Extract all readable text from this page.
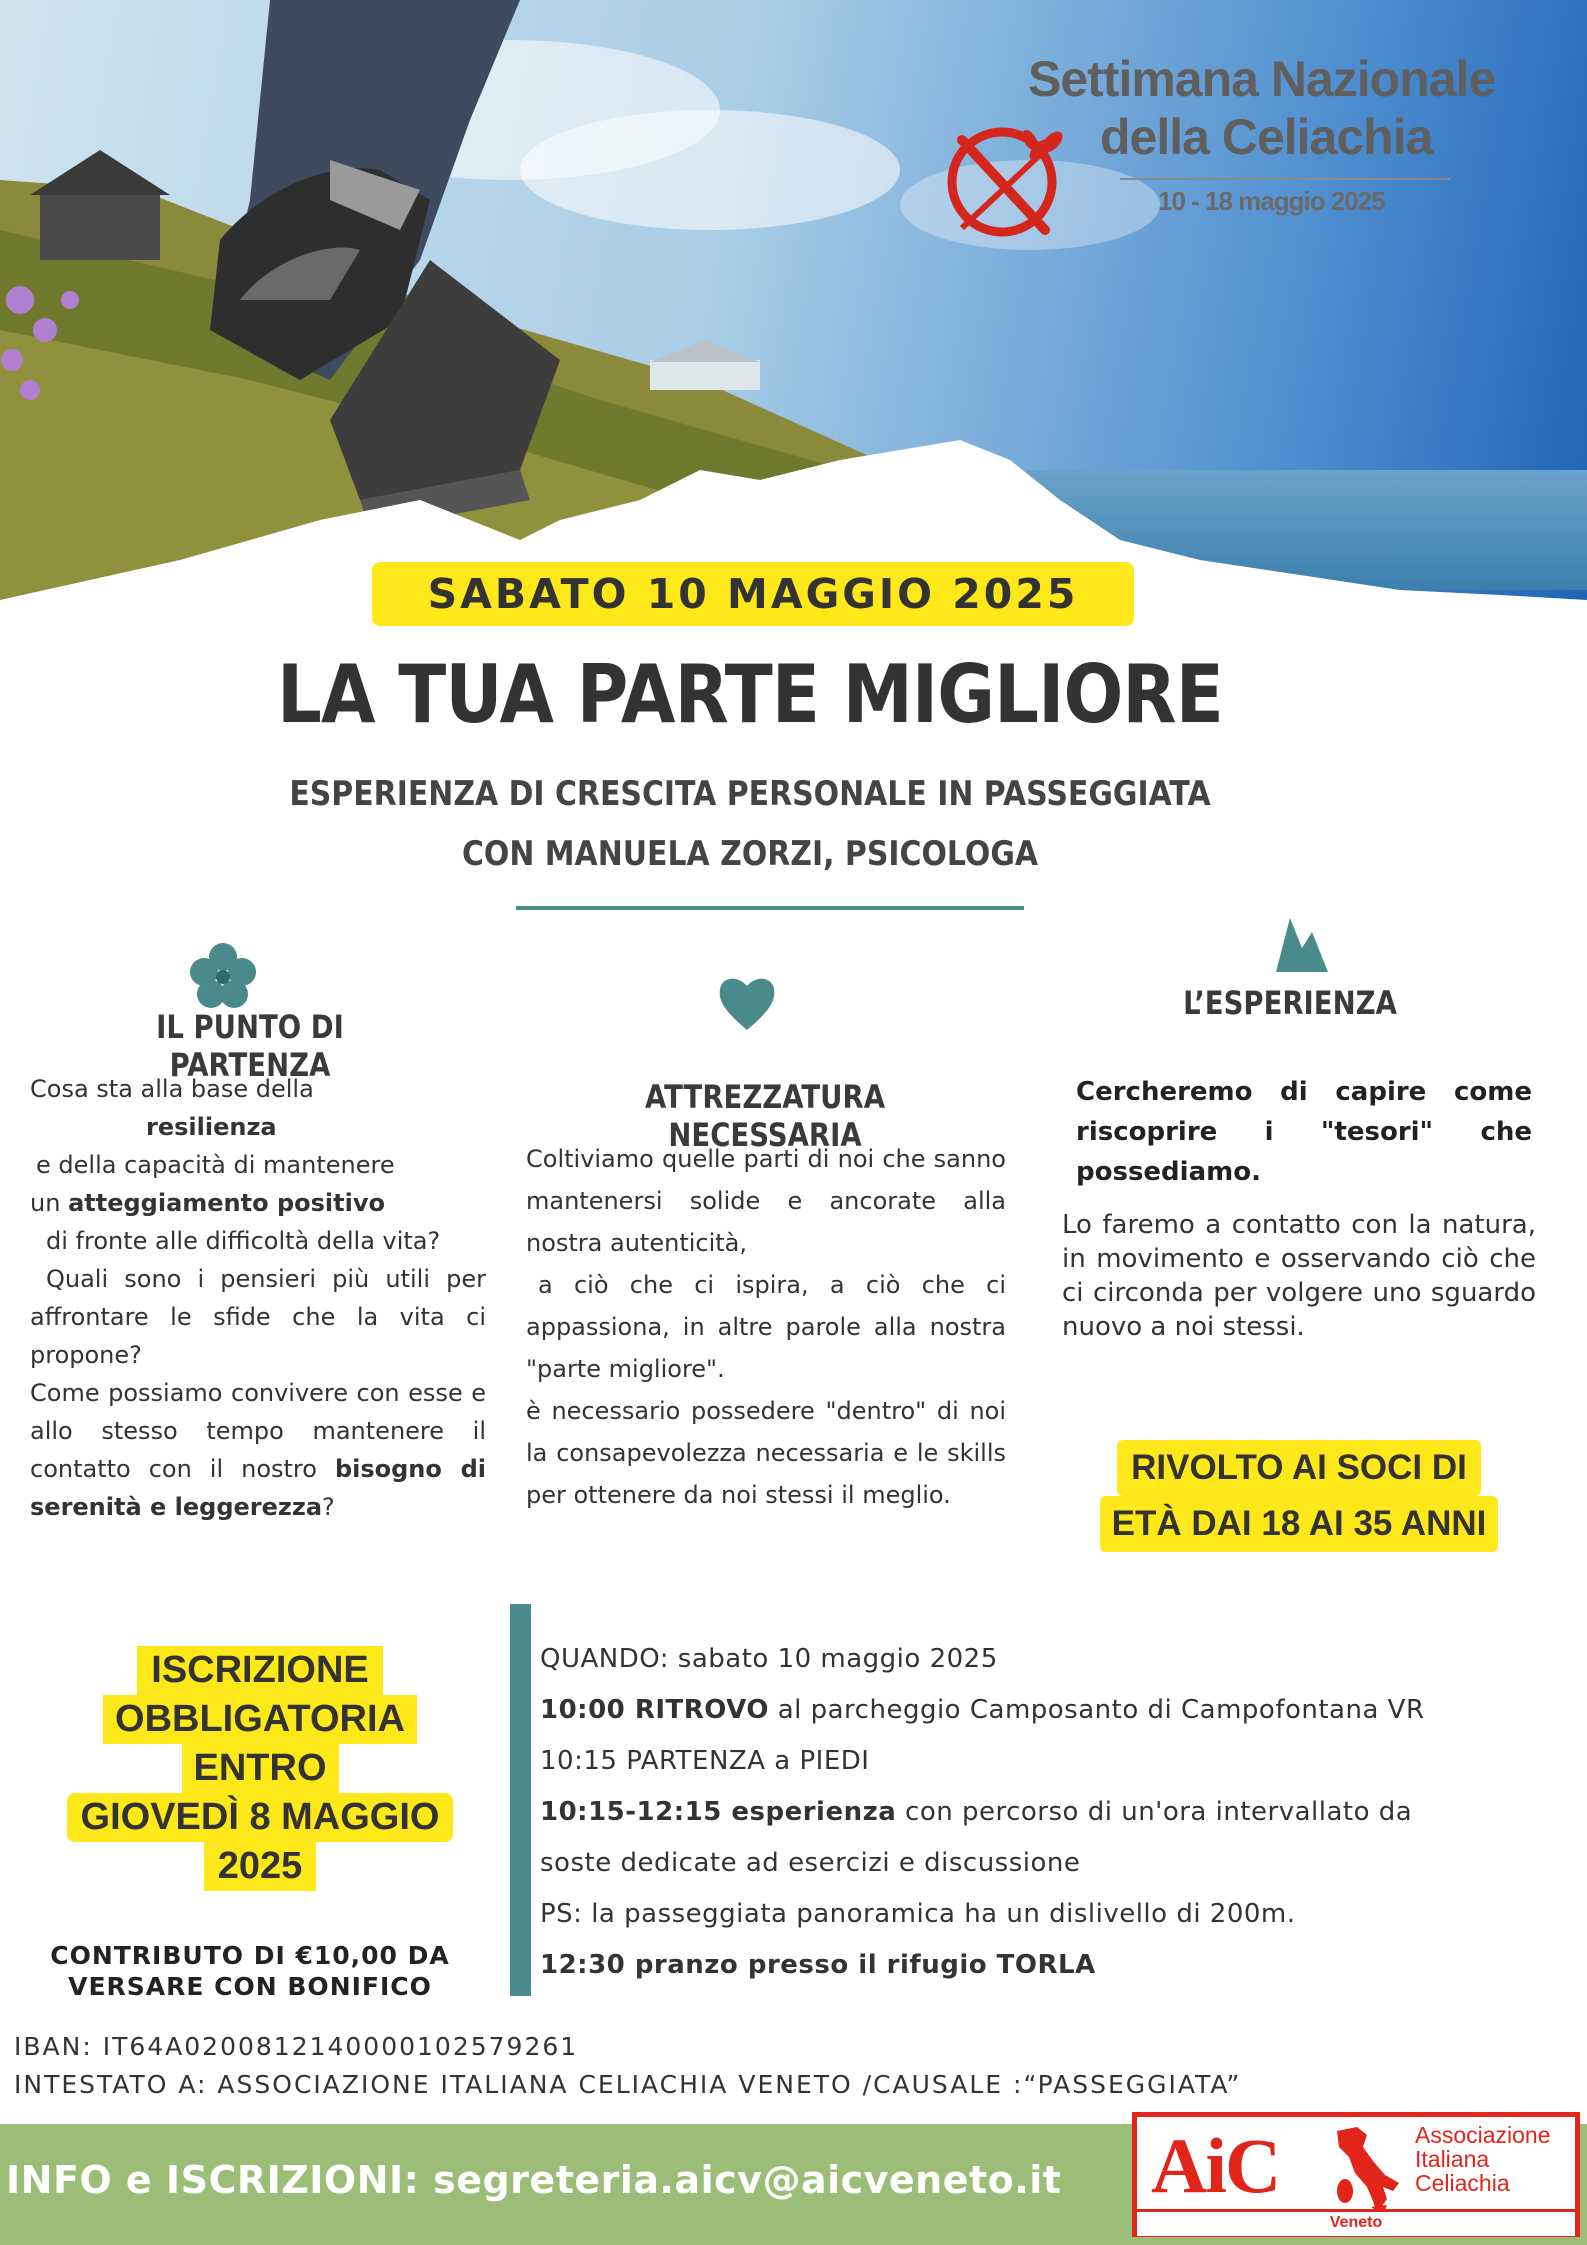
Settimana Nazionale
della Celiachia
10 - 18 maggio 2025
SABATO 10 MAGGIO 2025
LA TUA PARTE MIGLIORE
ESPERIENZA DI CRESCITA PERSONALE IN PASSEGGIATA
CON MANUELA ZORZI, PSICOLOGA
IL PUNTO DI PARTENZA
ATTREZZATURA NECESSARIA
L’ESPERIENZA
Cosa sta alla base della
resilienza
e della capacità di mantenere
un atteggiamento positivo
di fronte alle difficoltà della vita?
Quali sono i pensieri più utili per affrontare le sfide che la vita ci propone?
Come possiamo convivere con esse e allo stesso tempo mantenere il contatto con il nostro bisogno di serenità e leggerezza?
Coltiviamo quelle parti di noi che sanno mantenersi solide e ancorate alla nostra autenticità,
a ciò che ci ispira, a ciò che ci appassiona, in altre parole alla nostra "parte migliore".
è necessario possedere "dentro" di noi la consapevolezza necessaria e le skills per ottenere da noi stessi il meglio.
Cercheremo di capire come riscoprire i "tesori" che possediamo.
Lo faremo a contatto con la natura, in movimento e osservando ciò che ci circonda per volgere uno sguardo nuovo a noi stessi.
RIVOLTO AI SOCI DI
ETÀ DAI 18 AI 35 ANNI
ISCRIZIONE
OBBLIGATORIA
ENTRO
GIOVEDÌ 8 MAGGIO
2025
CONTRIBUTO DI €10,00 DA
VERSARE CON BONIFICO
QUANDO: sabato 10 maggio 2025
10:00 RITROVO al parcheggio Camposanto di Campofontana VR
10:15 PARTENZA a PIEDI
10:15-12:15 esperienza con percorso di un'ora intervallato da
soste dedicate ad esercizi e discussione
PS: la passeggiata panoramica ha un dislivello di 200m.
12:30 pranzo presso il rifugio TORLA
IBAN: IT64A0200812140000102579261
INTESTATO A: ASSOCIAZIONE ITALIANA CELIACHIA VENETO /CAUSALE :“PASSEGGIATA”
INFO e ISCRIZIONI: segreteria.aicv@aicveneto.it	AiC	Associazione
Italiana
Celiachia
Veneto
